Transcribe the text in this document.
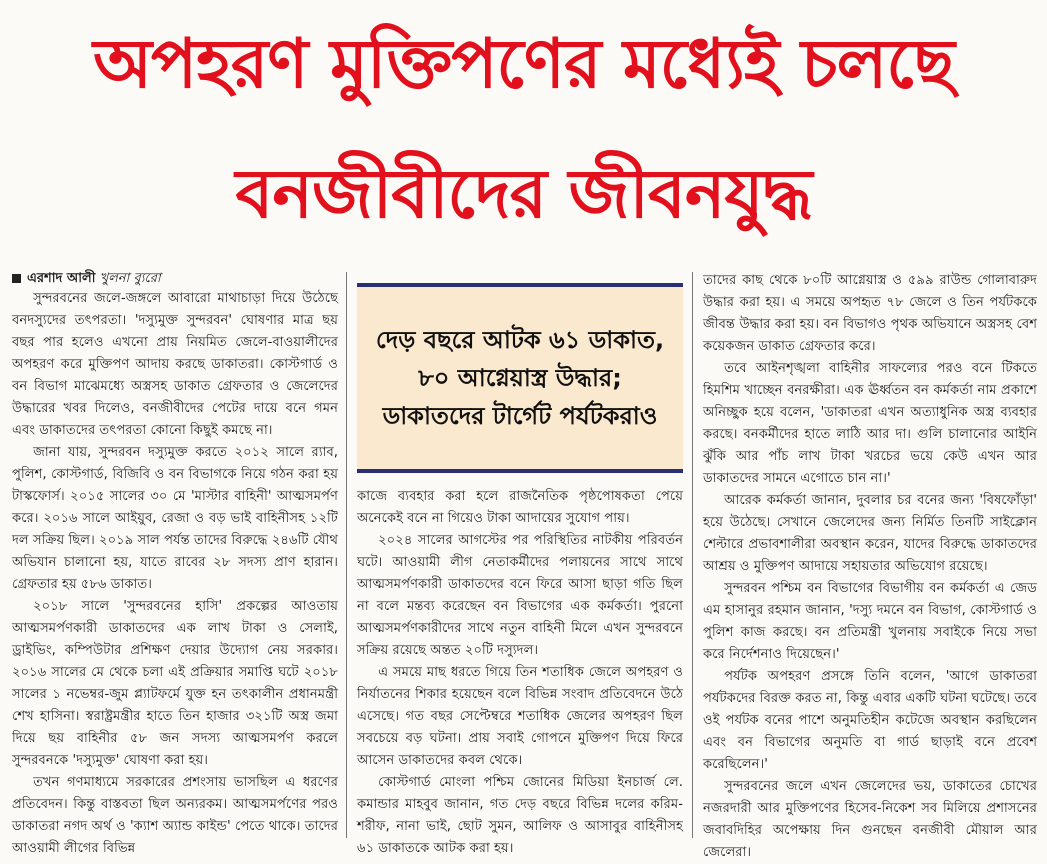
অপহরণ মুক্তিপণের মধ্যেই চলছে
বনজীবীদের জীবনযুদ্ধ

এরশাদ আলী খুলনা ব্যুরো

সুন্দরবনের জলে-জঙ্গলে আবারো মাথাচাড়া দিয়ে উঠেছে বনদস্যুদের তৎপরতা। 'দস্যুমুক্ত সুন্দরবন' ঘোষণার মাত্র ছয় বছর পার হলেও এখনো প্রায় নিয়মিত জেলে-বাওয়ালীদের অপহরণ করে মুক্তিপণ আদায় করছে ডাকাতরা। কোস্টগার্ড ও বন বিভাগ মাঝেমধ্যে অস্ত্রসহ ডাকাত গ্রেফতার ও জেলেদের উদ্ধারের খবর দিলেও, বনজীবীদের পেটের দায়ে বনে গমন এবং ডাকাতদের তৎপরতা কোনো কিছুই কমছে না।

জানা যায়, সুন্দরবন দস্যুমুক্ত করতে ২০১২ সালে র‍্যাব, পুলিশ, কোস্টগার্ড, বিজিবি ও বন বিভাগকে নিয়ে গঠন করা হয় টাস্কফোর্স। ২০১৫ সালের ৩০ মে 'মাস্টার বাহিনী' আত্মসমর্পণ করে। ২০১৬ সালে আইয়ুব, রেজা ও বড় ভাই বাহিনীসহ ১২টি দল সক্রিয় ছিল। ২০১৯ সাল পর্যন্ত তাদের বিরুদ্ধে ২৪৬টি যৌথ অভিযান চালানো হয়, যাতে রাবের ২৮ সদস্য প্রাণ হারান। গ্রেফতার হয় ৫৮৬ ডাকাত।

২০১৮ সালে 'সুন্দরবনের হাসি' প্রকল্পের আওতায় আত্মসমর্পণকারী ডাকাতদের এক লাখ টাকা ও সেলাই, ড্রাইভিং, কম্পিউটার প্রশিক্ষণ দেয়ার উদ্যোগ নেয় সরকার। ২০১৬ সালের মে থেকে চলা এই প্রক্রিয়ার সমাপ্তি ঘটে ২০১৮ সালের ১ নভেম্বর-জুম প্ল্যাটফর্মে যুক্ত হন তৎকালীন প্রধানমন্ত্রী শেখ হাসিনা। স্বরাষ্ট্রমন্ত্রীর হাতে তিন হাজার ৩২১টি অস্ত্র জমা দিয়ে ছয় বাহিনীর ৫৮ জন সদস্য আত্মসমর্পণ করলে সুন্দরবনকে 'দস্যুমুক্ত' ঘোষণা করা হয়।

তখন গণমাধ্যমে সরকারের প্রশংসায় ভাসছিল এ ধরণের প্রতিবেদন। কিন্তু বাস্তবতা ছিল অন্যরকম। আত্মসমর্পণের পরও ডাকাতরা নগদ অর্থ ও 'ক্যাশ অ্যান্ড কাইন্ড' পেতে থাকে। তাদের আওয়ামী লীগের বিভিন্ন

দেড় বছরে আটক ৬১ ডাকাত, ৮০ আগ্নেয়াস্ত্র উদ্ধার; ডাকাতদের টার্গেট পর্যটকরাও

কাজে ব্যবহার করা হলে রাজনৈতিক পৃষ্ঠপোষকতা পেয়ে অনেকেই বনে না গিয়েও টাকা আদায়ের সুযোগ পায়।

২০২৪ সালের আগস্টের পর পরিস্থিতির নাটকীয় পরিবর্তন ঘটে। আওয়ামী লীগ নেতাকর্মীদের পলায়নের সাথে সাথে আত্মসমর্পণকারী ডাকাতদের বনে ফিরে আসা ছাড়া গতি ছিল না বলে মন্তব্য করেছেন বন বিভাগের এক কর্মকর্তা। পুরনো আত্মসমর্পণকারীদের সাথে নতুন বাহিনী মিলে এখন সুন্দরবনে সক্রিয় রয়েছে অন্তত ২০টি দস্যুদল।

এ সময়ে মাছ ধরতে গিয়ে তিন শতাধিক জেলে অপহরণ ও নির্যাতনের শিকার হয়েছেন বলে বিভিন্ন সংবাদ প্রতিবেদনে উঠে এসেছে। গত বছর সেপ্টেম্বরে শতাধিক জেলের অপহরণ ছিল সবচেয়ে বড় ঘটনা। প্রায় সবাই গোপনে মুক্তিপণ দিয়ে ফিরে আসেন ডাকাতদের কবল থেকে।

কোস্টগার্ড মোংলা পশ্চিম জোনের মিডিয়া ইনচার্জ লে. কমান্ডার মাহবুব জানান, গত দেড় বছরে বিভিন্ন দলের করিম-শরীফ, নানা ভাই, ছোট সুমন, আলিফ ও আসাবুর বাহিনীসহ ৬১ ডাকাতকে আটক করা হয়।

তাদের কাছ থেকে ৮০টি আগ্নেয়াস্ত্র ও ৫৯৯ রাউন্ড গোলাবারুদ উদ্ধার করা হয়। এ সময়ে অপহৃত ৭৮ জেলে ও তিন পর্যটককে জীবন্ত উদ্ধার করা হয়। বন বিভাগও পৃথক অভিযানে অস্ত্রসহ বেশ কয়েকজন ডাকাত গ্রেফতার করে।

তবে আইনশৃঙ্খলা বাহিনীর সাফল্যের পরও বনে টিকতে হিমশিম খাচ্ছেন বনরক্ষীরা। এক ঊর্ধ্বতন বন কর্মকর্তা নাম প্রকাশে অনিচ্ছুক হয়ে বলেন, 'ডাকাতরা এখন অত্যাধুনিক অস্ত্র ব্যবহার করছে। বনকর্মীদের হাতে লাঠি আর দা। গুলি চালানোর আইনি ঝুঁকি আর পাঁচ লাখ টাকা খরচের ভয়ে কেউ এখন আর ডাকাতদের সামনে এগোতে চান না।'

আরেক কর্মকর্তা জানান, দুবলার চর বনের জন্য 'বিষফোঁড়া' হয়ে উঠেছে। সেখানে জেলেদের জন্য নির্মিত তিনটি সাইক্লোন শেল্টারে প্রভাবশালীরা অবস্থান করেন, যাদের বিরুদ্ধে ডাকাতদের আশ্রয় ও মুক্তিপণ আদায়ে সহায়তার অভিযোগ রয়েছে।

সুন্দরবন পশ্চিম বন বিভাগের বিভাগীয় বন কর্মকর্তা এ জেড এম হাসানুর রহমান জানান, 'দস্যু দমনে বন বিভাগ, কোস্টগার্ড ও পুলিশ কাজ করছে। বন প্রতিমন্ত্রী খুলনায় সবাইকে নিয়ে সভা করে নির্দেশনাও দিয়েছেন।'

পর্যটক অপহরণ প্রসঙ্গে তিনি বলেন, 'আগে ডাকাতরা পর্যটকদের বিরক্ত করত না, কিন্তু এবার একটি ঘটনা ঘটেছে। তবে ওই পর্যটক বনের পাশে অনুমতিহীন কটেজে অবস্থান করছিলেন এবং বন বিভাগের অনুমতি বা গার্ড ছাড়াই বনে প্রবেশ করেছিলেন।'

সুন্দরবনের জলে এখন জেলেদের ভয়, ডাকাতের চোখের নজরদারী আর মুক্তিপণের হিসেব-নিকেশ সব মিলিয়ে প্রশাসনের জবাবদিহির অপেক্ষায় দিন গুনছেন বনজীবী মৌয়াল আর জেলেরা।
